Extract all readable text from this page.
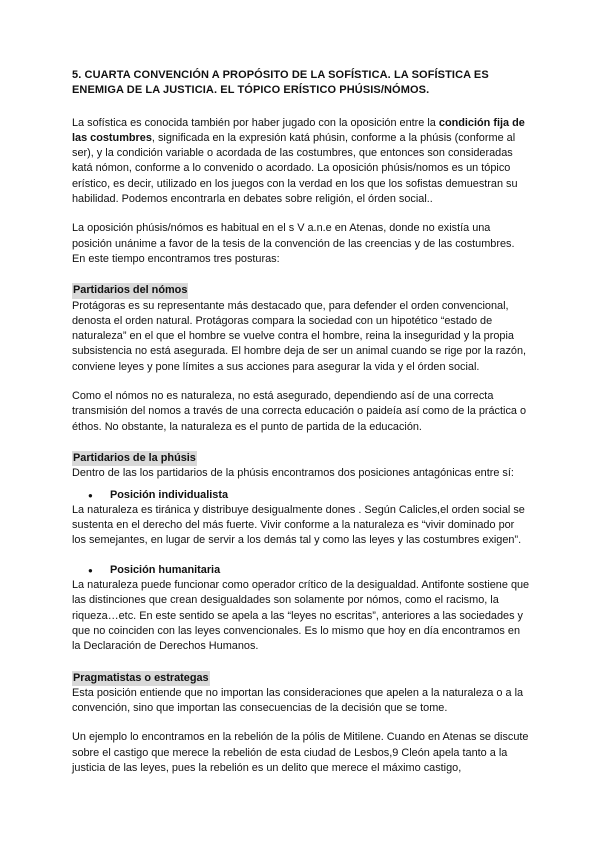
5. CUARTA CONVENCIÓN A PROPÓSITO DE LA SOFÍSTICA. LA SOFÍSTICA ES ENEMIGA DE LA JUSTICIA. EL TÓPICO ERÍSTICO PHÚSIS/NÓMOS.

La sofística es conocida también por haber jugado con la oposición entre la condición fija de las costumbres, significada en la expresión katá phúsin, conforme a la phúsis (conforme al ser), y la condición variable o acordada de las costumbres, que entonces son consideradas katá nómon, conforme a lo convenido o acordado. La oposición phúsis/nomos es un tópico erístico, es decir, utilizado en los juegos con la verdad en los que los sofistas demuestran su habilidad. Podemos encontrarla en debates sobre religión, el órden social..

La oposición phúsis/nómos es habitual en el s V a.n.e en Atenas, donde no existía una posición unánime a favor de la tesis de la convención de las creencias y de las costumbres. En este tiempo encontramos tres posturas:

Partidarios del nómos

Protágoras es su representante más destacado que, para defender el orden convencional, denosta el orden natural. Protágoras compara la sociedad con un hipotético “estado de naturaleza” en el que el hombre se vuelve contra el hombre, reina la inseguridad y la propia subsistencia no está asegurada. El hombre deja de ser un animal cuando se rige por la razón, conviene leyes y pone límites a sus acciones para asegurar la vida y el órden social.

Como el nómos no es naturaleza, no está asegurado, dependiendo así de una correcta transmisión del nomos a través de una correcta educación o paideía así como de la práctica o éthos. No obstante, la naturaleza es el punto de partida de la educación.

Partidarios de la phúsis

Dentro de las los partidarios de la phúsis encontramos dos posiciones antagónicas entre sí:

●	Posición individualista

La naturaleza es tiránica y distribuye desigualmente dones . Según Calicles,el orden social se sustenta en el derecho del más fuerte. Vivir conforme a la naturaleza es “vivir dominado por los semejantes, en lugar de servir a los demás tal y como las leyes y las costumbres exigen”.

●	Posición humanitaria

La naturaleza puede funcionar como operador crítico de la desigualdad. Antifonte sostiene que las distinciones que crean desigualdades son solamente por nómos, como el racismo, la riqueza…etc. En este sentido se apela a las “leyes no escritas”, anteriores a las sociedades y que no coinciden con las leyes convencionales. Es lo mismo que hoy en día encontramos en la Declaración de Derechos Humanos.

Pragmatistas o estrategas

Esta posición entiende que no importan las consideraciones que apelen a la naturaleza o a la convención, sino que importan las consecuencias de la decisión que se tome.

Un ejemplo lo encontramos en la rebelión de la pólis de Mitilene. Cuando en Atenas se discute sobre el castigo que merece la rebelión de esta ciudad de Lesbos,9 Cleón apela tanto a la justicia de las leyes, pues la rebelión es un delito que merece el máximo castigo,
